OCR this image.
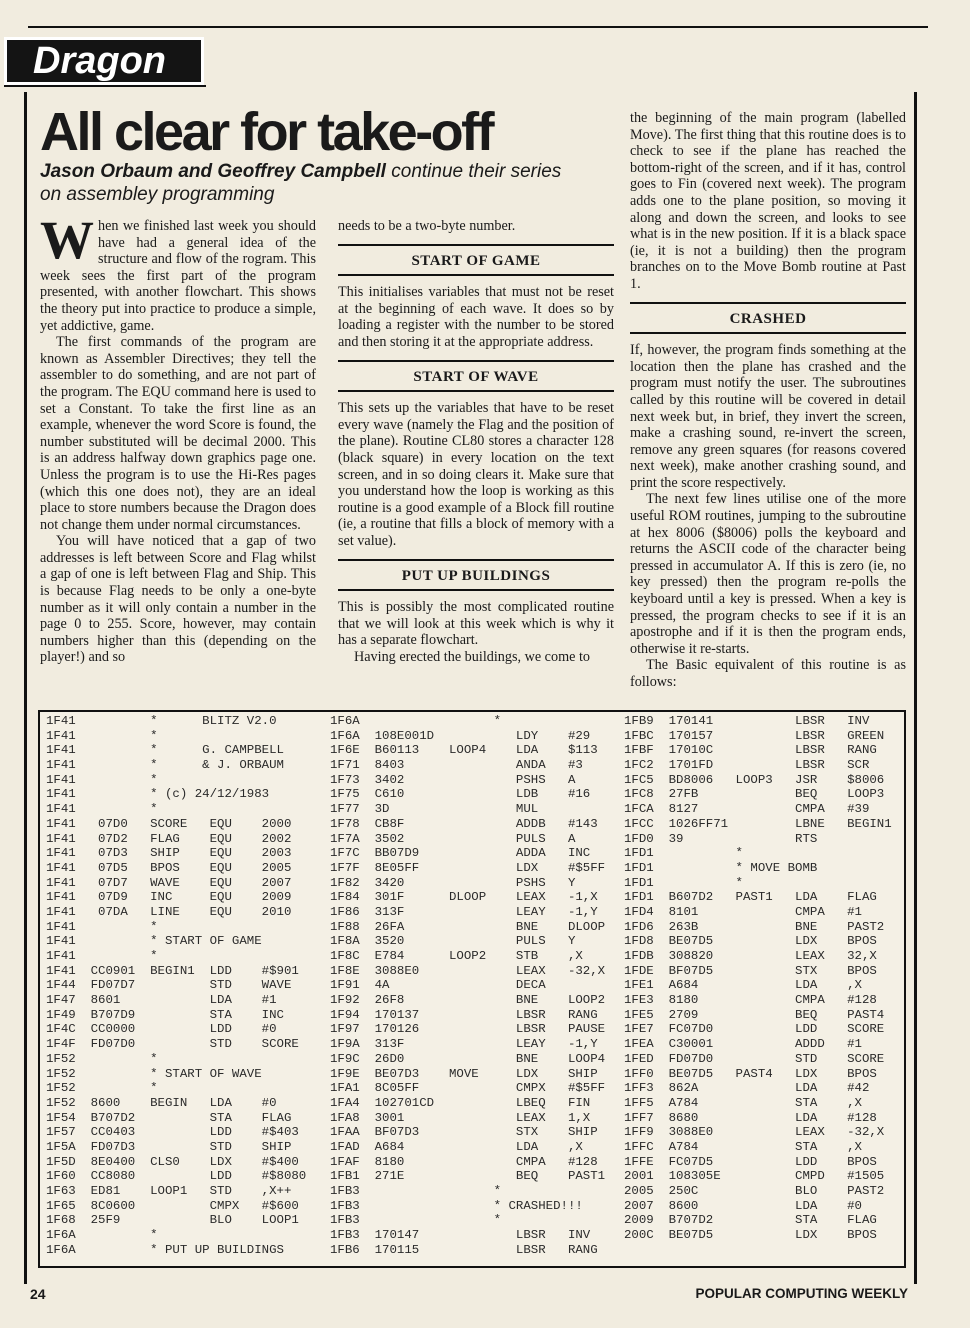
Dragon
All clear for take-off
Jason Orbaum and Geoffrey Campbell continue their series on assembley programming

When we finished last week you should have had a general idea of the structure and flow of the rogram. This week sees the first part of the program presented, with another flowchart. This shows the theory put into practice to produce a simple, yet addictive, game.

The first commands of the program are known as Assembler Directives; they tell the assembler to do something, and are not part of the program. The EQU command here is used to set a Constant. To take the first line as an example, whenever the word Score is found, the number substituted will be decimal 2000. This is an address halfway down graphics page one. Unless the program is to use the Hi-Res pages (which this one does not), they are an ideal place to store numbers because the Dragon does not change them under normal circumstances.

You will have noticed that a gap of two addresses is left between Score and Flag whilst a gap of one is left between Flag and Ship. This is because Flag needs to be only a one-byte number as it will only contain a number in the page 0 to 255. Score, however, may contain numbers higher than this (depending on the player!) and so

needs to be a two-byte number.

START OF GAME

This initialises variables that must not be reset at the beginning of each wave. It does so by loading a register with the number to be stored and then storing it at the appropriate address.

START OF WAVE

This sets up the variables that have to be reset every wave (namely the Flag and the position of the plane). Routine CL80 stores a character 128 (black square) in every location on the text screen, and in so doing clears it. Make sure that you understand how the loop is working as this routine is a good example of a Block fill routine (ie, a routine that fills a block of memory with a set value).

PUT UP BUILDINGS

This is possibly the most complicated routine that we will look at this week which is why it has a separate flowchart.

Having erected the buildings, we come to

the beginning of the main program (labelled Move). The first thing that this routine does is to check to see if the plane has reached the bottom-right of the screen, and if it has, control goes to Fin (covered next week). The program adds one to the plane position, so moving it along and down the screen, and looks to see what is in the new position. If it is a black space (ie, it is not a building) then the program branches on to the Move Bomb routine at Past 1.

CRASHED

If, however, the program finds something at the location then the plane has crashed and the program must notify the user. The subroutines called by this routine will be covered in detail next week but, in brief, they invert the screen, make a crashing sound, re-invert the screen, remove any green squares (for reasons covered next week), make another crashing sound, and print the score respectively.

The next few lines utilise one of the more useful ROM routines, jumping to the subroutine at hex 8006 ($8006) polls the keyboard and returns the ASCII code of the character being pressed in accumulator A. If this is zero (ie, no key pressed) then the program re-polls the keyboard until a key is pressed. When a key is pressed, the program checks to see if it is an apostrophe and if it is then the program ends, otherwise it re-starts.

The Basic equivalent of this routine is as follows:

1F41          *      BLITZ V2.0
1F41          *
1F41          *      G. CAMPBELL
1F41          *      & J. ORBAUM
1F41          *
1F41          * (c) 24/12/1983
1F41          *
1F41   07D0   SCORE   EQU    2000
1F41   07D2   FLAG    EQU    2002
1F41   07D3   SHIP    EQU    2003
1F41   07D5   BPOS    EQU    2005
1F41   07D7   WAVE    EQU    2007
1F41   07D9   INC     EQU    2009
1F41   07DA   LINE    EQU    2010
1F41          *
1F41          * START OF GAME
1F41          *
1F41  CC0901  BEGIN1  LDD    #$901
1F44  FD07D7          STD    WAVE
1F47  8601            LDA    #1
1F49  B707D9          STA    INC
1F4C  CC0000          LDD    #0
1F4F  FD07D0          STD    SCORE
1F52          *
1F52          * START OF WAVE
1F52          *
1F52  8600    BEGIN   LDA    #0
1F54  B707D2          STA    FLAG
1F57  CC0403          LDD    #$403
1F5A  FD07D3          STD    SHIP
1F5D  8E0400  CLS0    LDX    #$400
1F60  CC8080          LDD    #$8080
1F63  ED81    LOOP1   STD    ,X++
1F65  8C0600          CMPX   #$600
1F68  25F9            BLO    LOOP1
1F6A          *
1F6A          * PUT UP BUILDINGS
1F6A                  *
1F6A  108E001D           LDY    #29
1F6E  B60113    LOOP4    LDA    $113
1F71  8403               ANDA   #3
1F73  3402               PSHS   A
1F75  C610               LDB    #16
1F77  3D                 MUL
1F78  CB8F               ADDB   #143
1F7A  3502               PULS   A
1F7C  BB07D9             ADDA   INC
1F7F  8E05FF             LDX    #$5FF
1F82  3420               PSHS   Y
1F84  301F      DLOOP    LEAX   -1,X
1F86  313F               LEAY   -1,Y
1F88  26FA               BNE    DLOOP
1F8A  3520               PULS   Y
1F8C  E784      LOOP2    STB    ,X
1F8E  3088E0             LEAX   -32,X
1F91  4A                 DECA
1F92  26F8               BNE    LOOP2
1F94  170137             LBSR   RANG
1F97  170126             LBSR   PAUSE
1F9A  313F               LEAY   -1,Y
1F9C  26D0               BNE    LOOP4
1F9E  BE07D3    MOVE     LDX    SHIP
1FA1  8C05FF             CMPX   #$5FF
1FA4  102701CD           LBEQ   FIN
1FA8  3001               LEAX   1,X
1FAA  BF07D3             STX    SHIP
1FAD  A684               LDA    ,X
1FAF  8180               CMPA   #128
1FB1  271E               BEQ    PAST1
1FB3                  *
1FB3                  * CRASHED!!!
1FB3                  *
1FB3  170147             LBSR   INV
1FB6  170115             LBSR   RANG
1FB9  170141           LBSR   INV
1FBC  170157           LBSR   GREEN
1FBF  17010C           LBSR   RANG
1FC2  1701FD           LBSR   SCR
1FC5  BD8006   LOOP3   JSR    $8006
1FC8  27FB             BEQ    LOOP3
1FCA  8127             CMPA   #39
1FCC  1026FF71         LBNE   BEGIN1
1FD0  39               RTS
1FD1           *
1FD1           * MOVE BOMB
1FD1           *
1FD1  B607D2   PAST1   LDA    FLAG
1FD4  8101             CMPA   #1
1FD6  263B             BNE    PAST2
1FD8  BE07D5           LDX    BPOS
1FDB  308820           LEAX   32,X
1FDE  BF07D5           STX    BPOS
1FE1  A684             LDA    ,X
1FE3  8180             CMPA   #128
1FE5  2709             BEQ    PAST4
1FE7  FC07D0           LDD    SCORE
1FEA  C30001           ADDD   #1
1FED  FD07D0           STD    SCORE
1FF0  BE07D5   PAST4   LDX    BPOS
1FF3  862A             LDA    #42
1FF5  A784             STA    ,X
1FF7  8680             LDA    #128
1FF9  3088E0           LEAX   -32,X
1FFC  A784             STA    ,X
1FFE  FC07D5           LDD    BPOS
2001  108305E          CMPD   #1505
2005  250C             BLO    PAST2
2007  8600             LDA    #0
2009  B707D2           STA    FLAG
200C  BE07D5           LDX    BPOS
24	POPULAR COMPUTING WEEKLY
